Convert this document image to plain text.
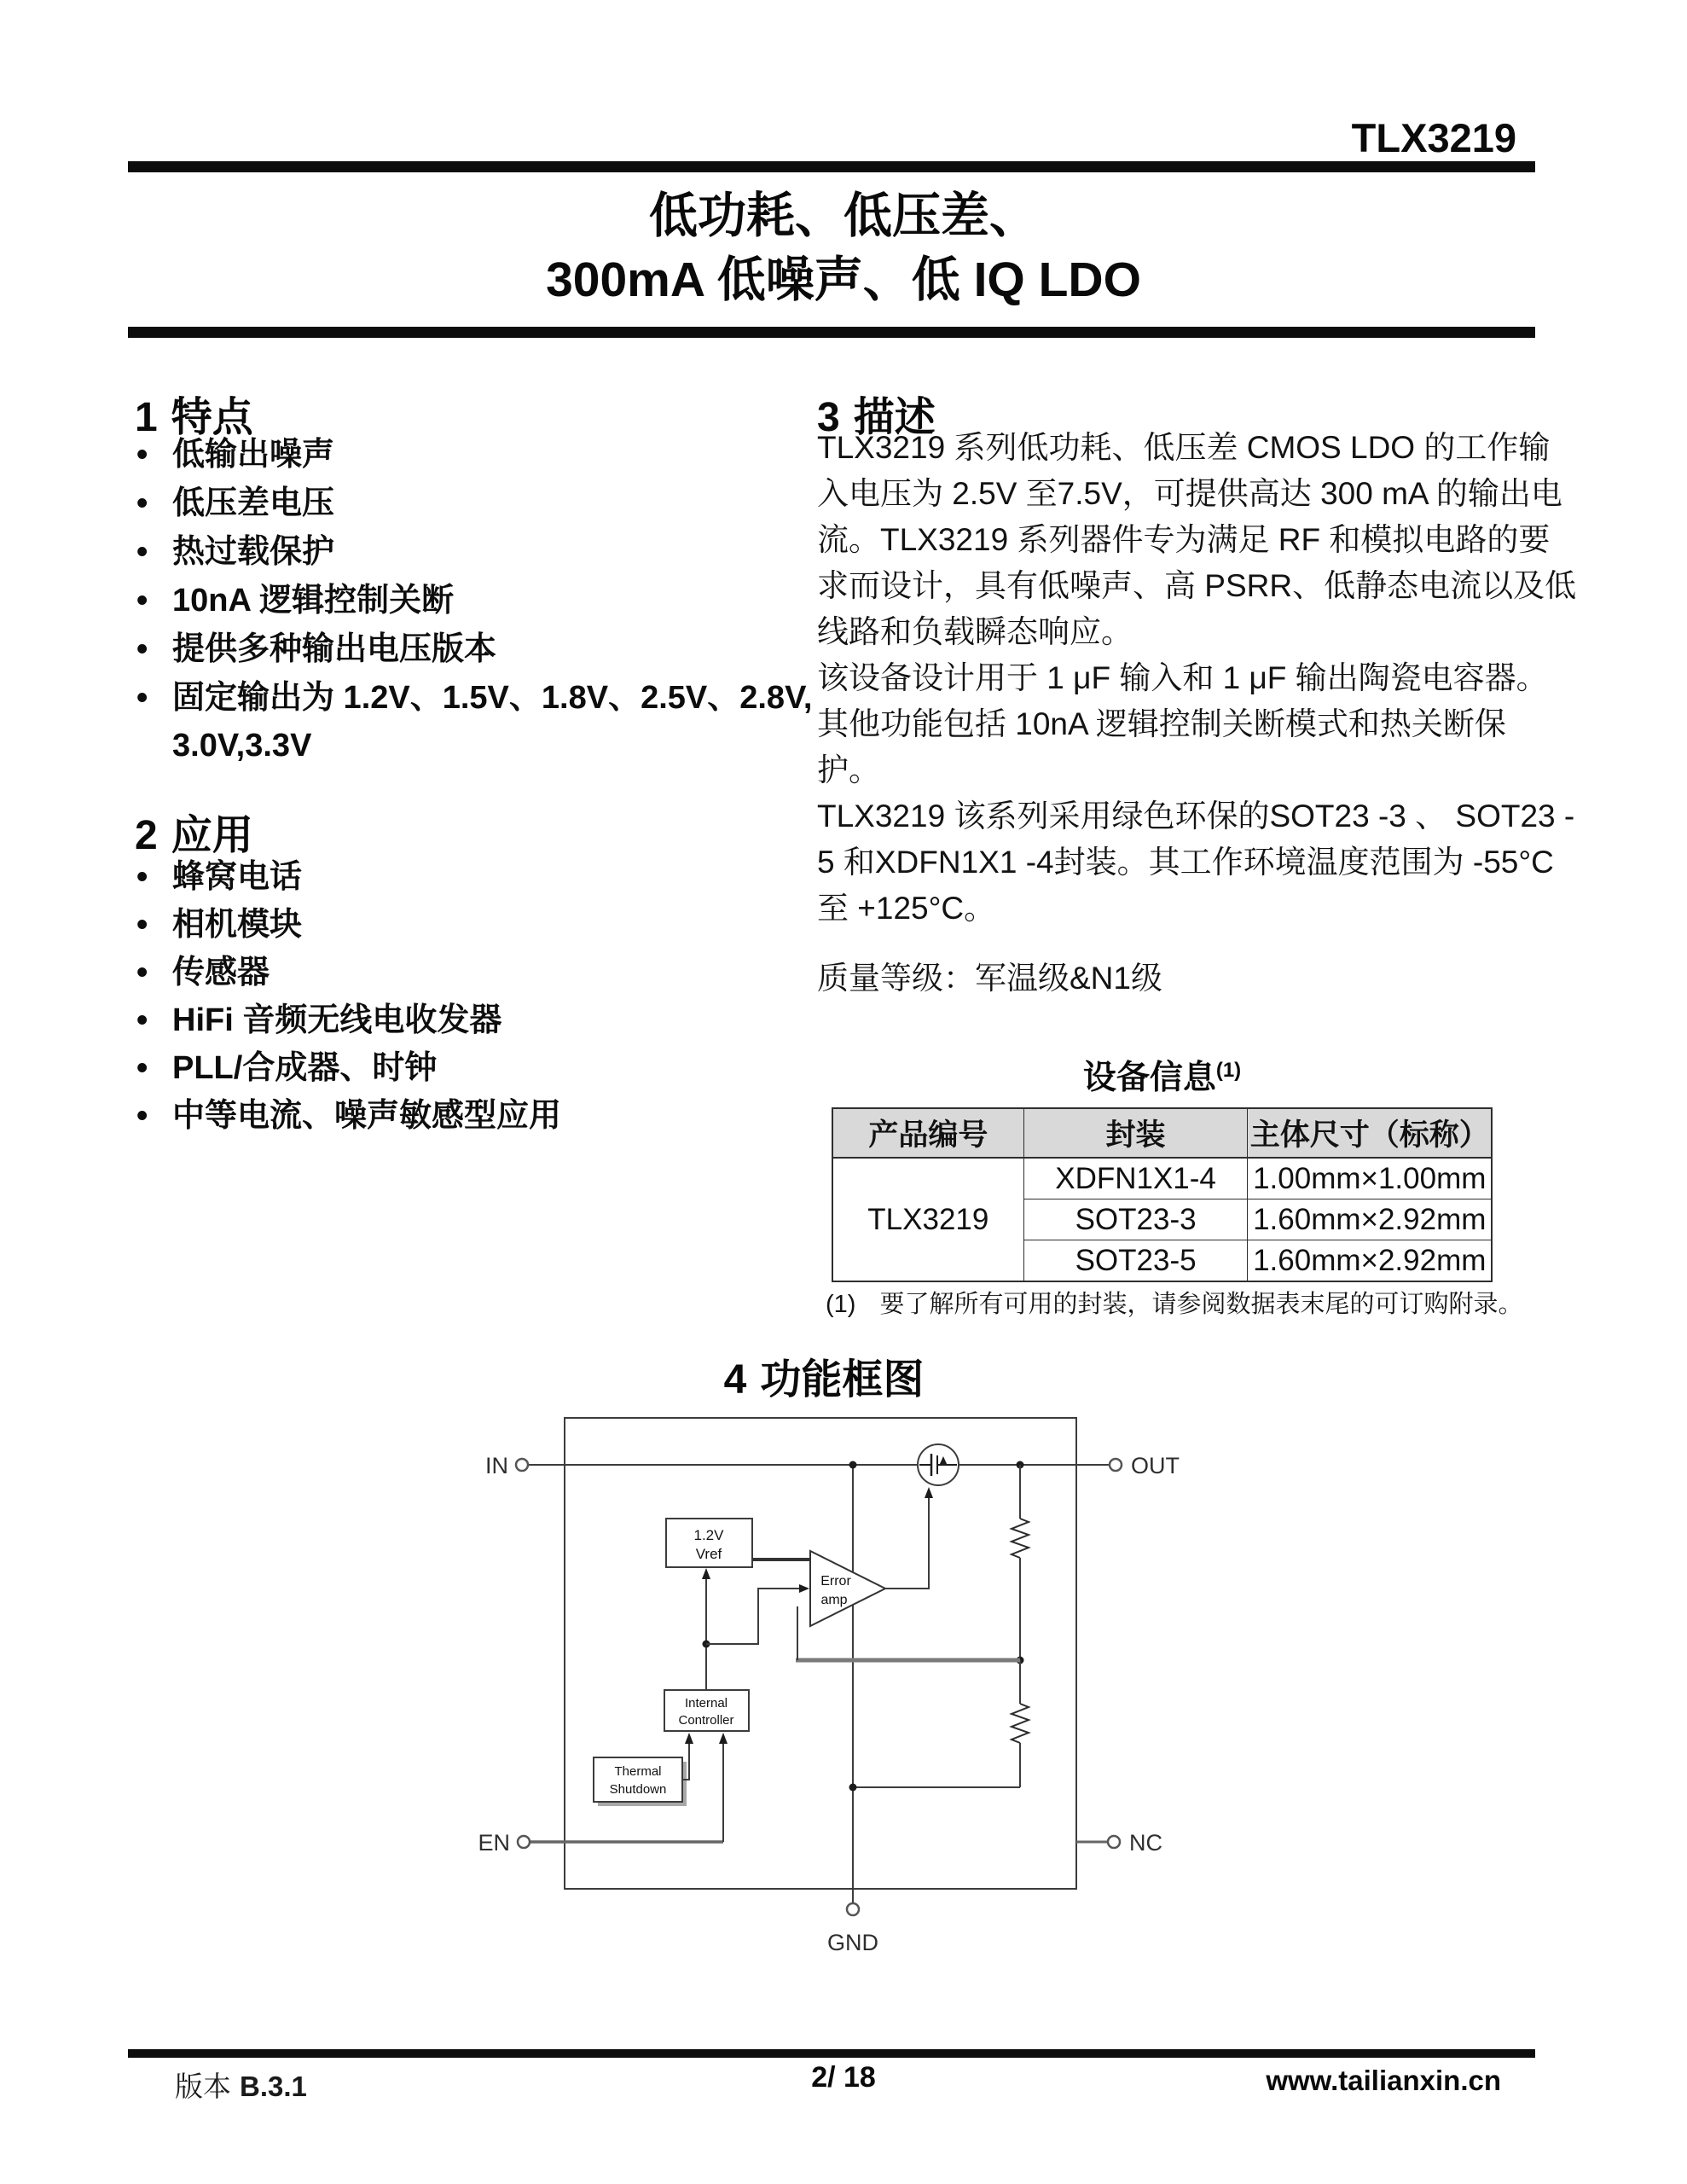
TLX3219
低功耗、低压差、
300mA 低噪声、低 IQ LDO
1 特点
• 低输出噪声
• 低压差电压
• 热过载保护
• 10nA 逻辑控制关断
• 提供多种输出电压版本
• 固定输出为 1.2V、1.5V、1.8V、2.5V、2.8V,
3.0V,3.3V
2 应用
• 蜂窝电话
• 相机模块
• 传感器
• HiFi 音频无线电收发器
• PLL/合成器、时钟
• 中等电流、噪声敏感型应用
3 描述
TLX3219 系列低功耗、低压差 CMOS LDO 的工作输
入电压为 2.5V 至7.5V，可提供高达 300 mA 的输出电
流。TLX3219 系列器件专为满足 RF 和模拟电路的要
求而设计，具有低噪声、高 PSRR、低静态电流以及低
线路和负载瞬态响应。
该设备设计用于 1 μF 输入和 1 μF 输出陶瓷电容器。
其他功能包括 10nA 逻辑控制关断模式和热关断保
护。
TLX3219 该系列采用绿色环保的SOT23 -3 、 SOT23 -
5 和XDFN1X1 -4封装。其工作环境温度范围为 -55°C
至 +125°C。
质量等级：军温级&N1级
设备信息$^{(1)}$
产品编号	封装	主体尺寸（标称）
TLX3219	XDFN1X1-4	1.00mm×1.00mm
	SOT23-3	1.60mm×2.92mm
	SOT23-5	1.60mm×2.92mm
(1) 要了解所有可用的封装，请参阅数据表末尾的可订购附录。
4 功能框图
1.2V
Vref
Error
amp
Internal
Controller
Thermal
Shutdown
EN	NC
IN	OUT
GND
版本 B.3.1	2/ 18	www.tailianxin.cn
